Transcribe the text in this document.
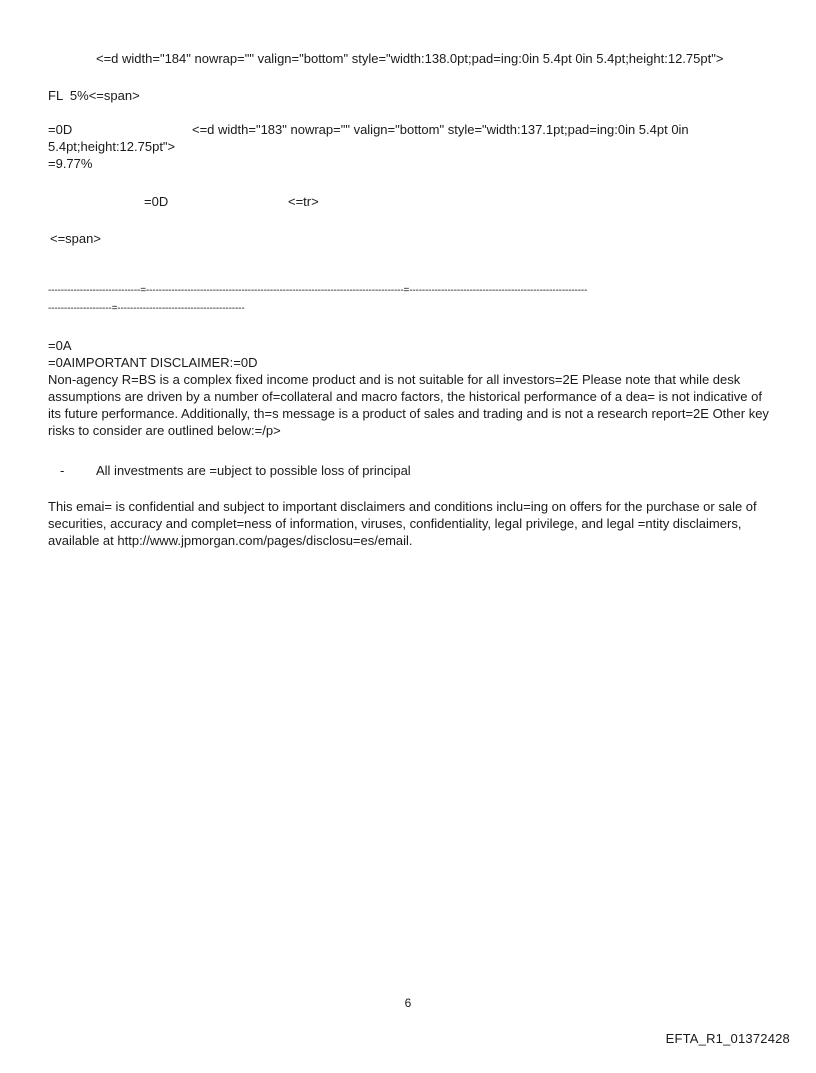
<=d width="184" nowrap="" valign="bottom" style="width:138.0pt;pad=ing:0in 5.4pt 0in 5.4pt;height:12.75pt">
FL  5%<=span>
=0D	<=d width="183" nowrap="" valign="bottom" style="width:137.1pt;pad=ing:0in 5.4pt 0in
5.4pt;height:12.75pt">
=9.77%
=0D	<=tr>
<=span>
-----------------------------=---------------------------------------------------------------------------------=--------------------------------------------------------
--------------------=----------------------------------------
=0A
=0AIMPORTANT DISCLAIMER:=0D
Non-agency R=BS is a complex fixed income product and is not suitable for all investors=2E Please note that while desk assumptions are driven by a number of=collateral and macro factors, the historical performance of a dea= is not indicative of its future performance. Additionally, th=s message is a product of sales and trading and is not a research report=2E Other key risks to consider are outlined below:=/p>
- All investments are =ubject to possible loss of principal
This emai= is confidential and subject to important disclaimers and conditions inclu=ing on offers for the purchase or sale of securities, accuracy and complet=ness of information, viruses, confidentiality, legal privilege, and legal =ntity disclaimers, available at http://www.jpmorgan.com/pages/disclosu=es/email.
6
EFTA_R1_01372428
